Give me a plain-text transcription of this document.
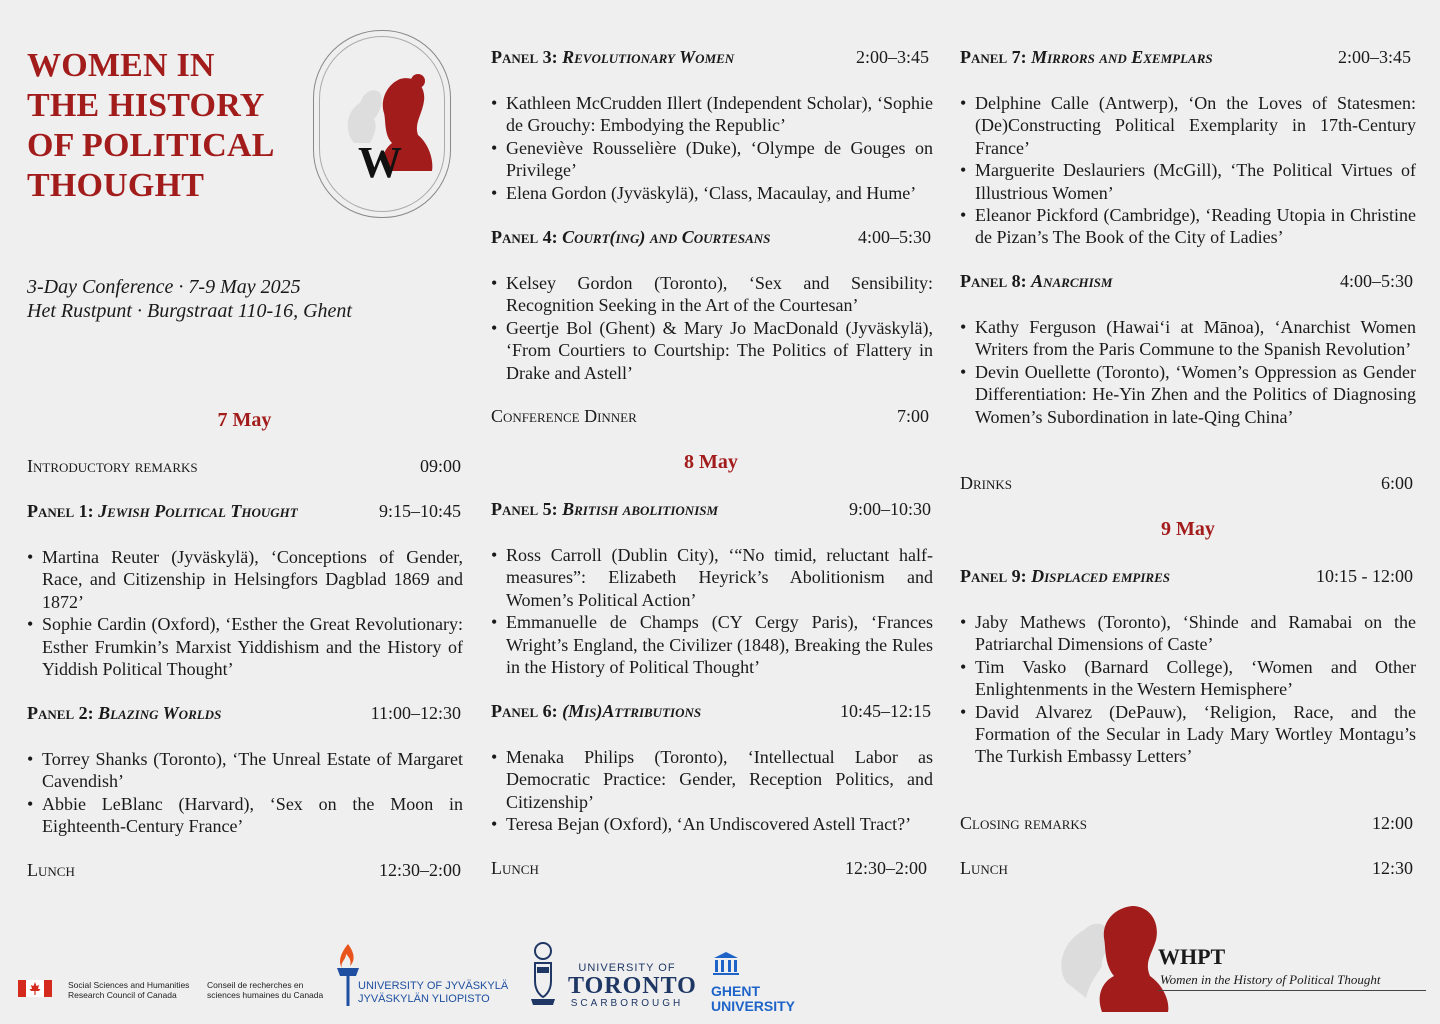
WOMEN IN
THE HISTORY
OF POLITICAL
THOUGHT	W
3-Day Conference · 7-9 May 2025
Het Rustpunt · Burgstraat 110-16, Ghent
7 May
Introductory remarks	09:00
Panel 1: Jewish Political Thought	9:15–10:45
• Martina Reuter (Jyväskylä), ‘Conceptions of Gender, Race, and Citizenship in Helsingfors Dagblad 1869 and 1872’
• Sophie Cardin (Oxford), ‘Esther the Great Revolutionary: Esther Frumkin’s Marxist Yiddishism and the History of Yiddish Political Thought’
Panel 2: Blazing Worlds	11:00–12:30
• Torrey Shanks (Toronto), ‘The Unreal Estate of Margaret Cavendish’
• Abbie LeBlanc (Harvard), ‘Sex on the Moon in Eighteenth-Century France’
Lunch	12:30–2:00
Panel 3: Revolutionary Women	2:00–3:45
• Kathleen McCrudden Illert (Independent Scholar), ‘Sophie de Grouchy: Embodying the Republic’
• Geneviève Rousselière (Duke), ‘Olympe de Gouges on Privilege’
• Elena Gordon (Jyväskylä), ‘Class, Macaulay, and Hume’
Panel 4: Court(ing) and Courtesans	4:00–5:30
• Kelsey Gordon (Toronto), ‘Sex and Sensibility: Recognition Seeking in the Art of the Courtesan’
• Geertje Bol (Ghent) & Mary Jo MacDonald (Jyväskylä), ‘From Courtiers to Courtship: The Politics of Flattery in Drake and Astell’
Conference Dinner	7:00
8 May
Panel 5: British abolitionism	9:00–10:30
• Ross Carroll (Dublin City), ‘“No timid, reluctant half-measures”: Elizabeth Heyrick’s Abolitionism and Women’s Political Action’
• Emmanuelle de Champs (CY Cergy Paris), ‘Frances Wright’s England, the Civilizer (1848), Breaking the Rules in the History of Political Thought’
Panel 6: (Mis)Attributions	10:45–12:15
• Menaka Philips (Toronto), ‘Intellectual Labor as Democratic Practice: Gender, Reception Politics, and Citizenship’
• Teresa Bejan (Oxford), ‘An Undiscovered Astell Tract?’
Lunch	12:30–2:00
Panel 7: Mirrors and Exemplars	2:00–3:45
• Delphine Calle (Antwerp), ‘On the Loves of Statesmen: (De)Constructing Political Exemplarity in 17th-Century France’
• Marguerite Deslauriers (McGill), ‘The Political Virtues of Illustrious Women’
• Eleanor Pickford (Cambridge), ‘Reading Utopia in Christine de Pizan’s The Book of the City of Ladies’
Panel 8: Anarchism	4:00–5:30
• Kathy Ferguson (Hawaiʻi at Mānoa), ‘Anarchist Women Writers from the Paris Commune to the Spanish Revolution’
• Devin Ouellette (Toronto), ‘Women’s Oppression as Gender Differentiation: He-Yin Zhen and the Politics of Diagnosing Women’s Subordination in late-Qing China’
Drinks	6:00
9 May
Panel 9: Displaced empires	10:15 - 12:00
• Jaby Mathews (Toronto), ‘Shinde and Ramabai on the Patriarchal Dimensions of Caste’
• Tim Vasko (Barnard College), ‘Women and Other Enlightenments in the Western Hemisphere’
• David Alvarez (DePauw), ‘Religion, Race, and the Formation of the Secular in Lady Mary Wortley Montagu’s The Turkish Embassy Letters’
Closing remarks	12:00
Lunch	12:30
Social Sciences and Humanities
Research Council of Canada
Conseil de recherches en
sciences humaines du Canada
UNIVERSITY OF JYVÄSKYLÄ
JYVÄSKYLÄN YLIOPISTO
UNIVERSITY OF
TORONTO
SCARBOROUGH
GHENT
UNIVERSITY
WHPT
Women in the History of Political Thought
